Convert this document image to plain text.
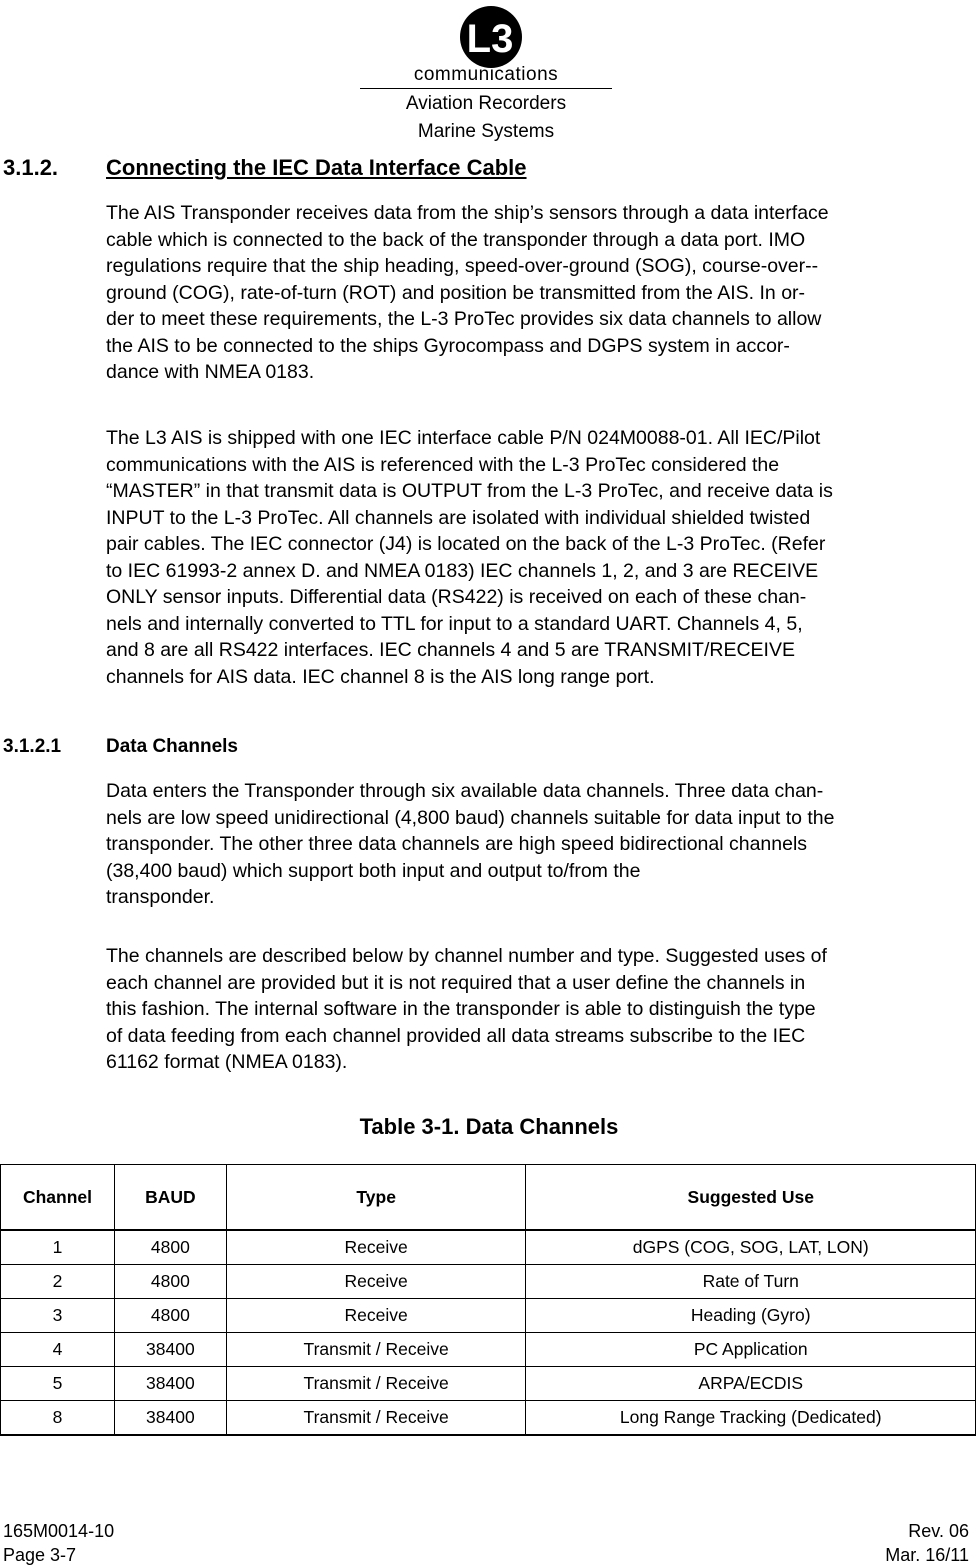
L3
communications
Aviation Recorders
Marine Systems
3.1.2. Connecting the IEC Data Interface Cable
The AIS Transponder receives data from the ship’s sensors through a data interface
cable which is connected to the back of the transponder through a data port. IMO
regulations require that the ship heading, speed-over-ground (SOG), course-over--
ground (COG), rate-of-turn (ROT) and position be transmitted from the AIS. In or-
der to meet these requirements, the L-3 ProTec provides six data channels to allow
the AIS to be connected to the ships Gyrocompass and DGPS system in accor-
dance with NMEA 0183.
The L3 AIS is shipped with one IEC interface cable P/N 024M0088-01. All IEC/Pilot
communications with the AIS is referenced with the L-3 ProTec considered the
“MASTER” in that transmit data is OUTPUT from the L-3 ProTec, and receive data is
INPUT to the L-3 ProTec. All channels are isolated with individual shielded twisted
pair cables. The IEC connector (J4) is located on the back of the L-3 ProTec. (Refer
to IEC 61993-2 annex D. and NMEA 0183) IEC channels 1, 2, and 3 are RECEIVE
ONLY sensor inputs. Differential data (RS422) is received on each of these chan-
nels and internally converted to TTL for input to a standard UART. Channels 4, 5,
and 8 are all RS422 interfaces. IEC channels 4 and 5 are TRANSMIT/RECEIVE
channels for AIS data. IEC channel 8 is the AIS long range port.
3.1.2.1 Data Channels
Data enters the Transponder through six available data channels. Three data chan-
nels are low speed unidirectional (4,800 baud) channels suitable for data input to the
transponder. The other three data channels are high speed bidirectional channels
(38,400 baud) which support both input and output to/from the
transponder.
The channels are described below by channel number and type. Suggested uses of
each channel are provided but it is not required that a user define the channels in
this fashion. The internal software in the transponder is able to distinguish the type
of data feeding from each channel provided all data streams subscribe to the IEC
61162 format (NMEA 0183).
Table 3-1. Data Channels
Channel	BAUD	Type	Suggested Use
1	4800	Receive	dGPS (COG, SOG, LAT, LON)
2	4800	Receive	Rate of Turn
3	4800	Receive	Heading (Gyro)
4	38400	Transmit / Receive	PC Application
5	38400	Transmit / Receive	ARPA/ECDIS
8	38400	Transmit / Receive	Long Range Tracking (Dedicated)
165M0014-10
Page 3-7
Rev. 06
Mar. 16/11
